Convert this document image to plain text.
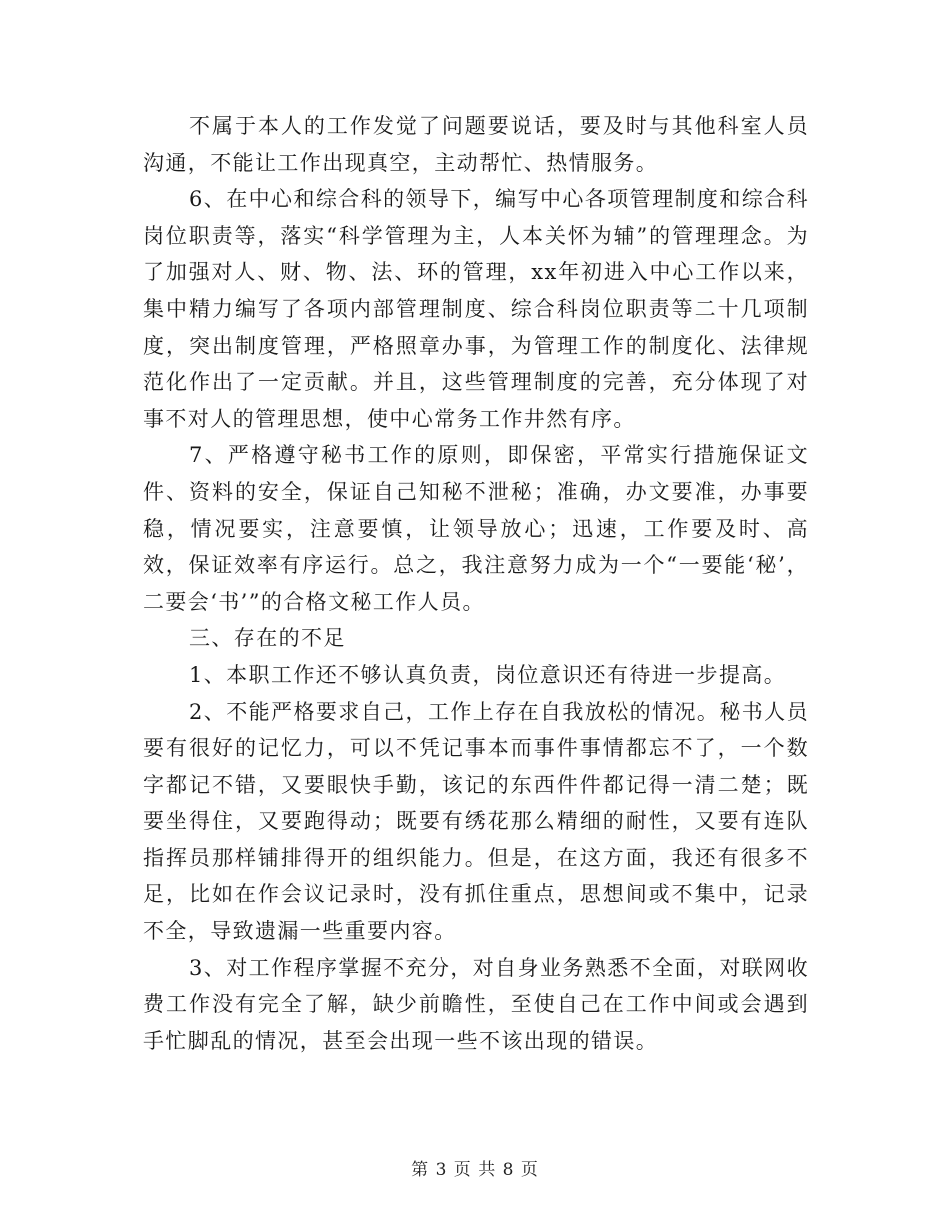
不属于本人的工作发觉了问题要说话，要及时与其他科室人员沟通，不能让工作出现真空，主动帮忙、热情服务。

6、在中心和综合科的领导下，编写中心各项管理制度和综合科岗位职责等，落实“科学管理为主，人本关怀为辅”的管理理念。为了加强对人、财、物、法、环的管理，xx年初进入中心工作以来，集中精力编写了各项内部管理制度、综合科岗位职责等二十几项制度，突出制度管理，严格照章办事，为管理工作的制度化、法律规范化作出了一定贡献。并且，这些管理制度的完善，充分体现了对事不对人的管理思想，使中心常务工作井然有序。

7、严格遵守秘书工作的原则，即保密，平常实行措施保证文件、资料的安全，保证自己知秘不泄秘；准确，办文要准，办事要稳，情况要实，注意要慎，让领导放心；迅速，工作要及时、高效，保证效率有序运行。总之，我注意努力成为一个“一要能‘秘’，二要会‘书’”的合格文秘工作人员。

三、存在的不足

1、本职工作还不够认真负责，岗位意识还有待进一步提高。

2、不能严格要求自己，工作上存在自我放松的情况。秘书人员要有很好的记忆力，可以不凭记事本而事件事情都忘不了，一个数字都记不错，又要眼快手勤，该记的东西件件都记得一清二楚；既要坐得住，又要跑得动；既要有绣花那么精细的耐性，又要有连队指挥员那样铺排得开的组织能力。但是，在这方面，我还有很多不足，比如在作会议记录时，没有抓住重点，思想间或不集中，记录不全，导致遗漏一些重要内容。

3、对工作程序掌握不充分，对自身业务熟悉不全面，对联网收费工作没有完全了解，缺少前瞻性，至使自己在工作中间或会遇到手忙脚乱的情况，甚至会出现一些不该出现的错误。

第 3 页 共 8 页
